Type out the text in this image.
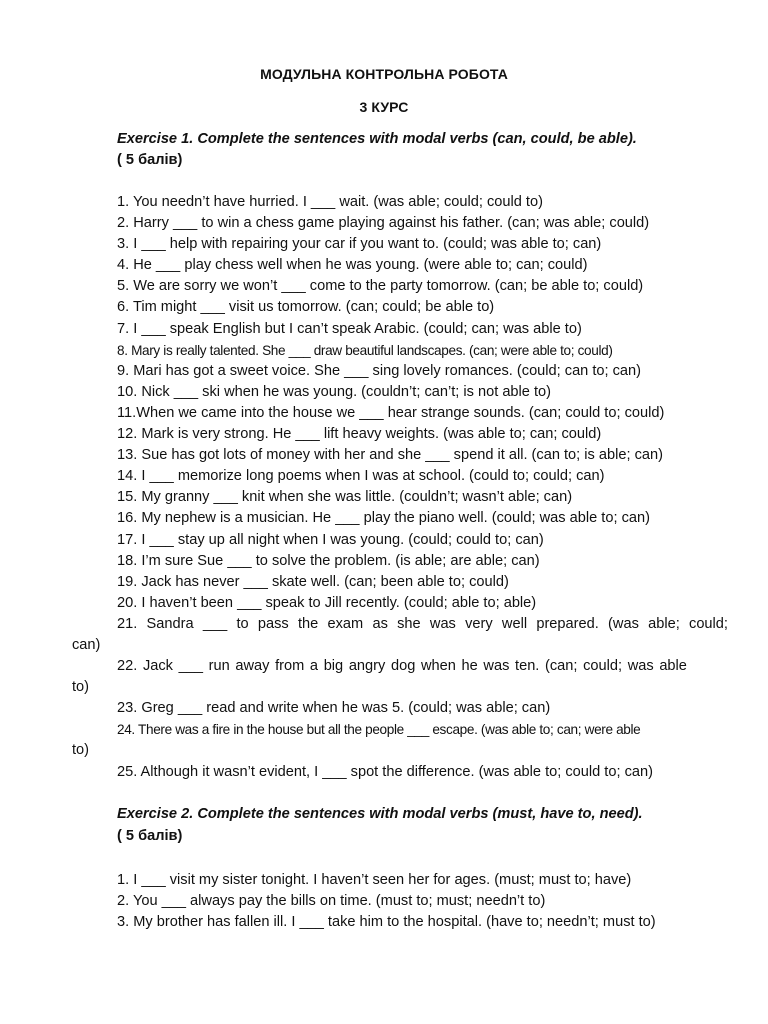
МОДУЛЬНА КОНТРОЛЬНА РОБОТА
3 КУРС
Exercise 1. Complete the sentences with modal verbs (can, could, be able).
( 5 балів)
1. You needn’t have hurried. I ___ wait. (was able; could; could to)
2. Harry ___ to win a chess game playing against his father. (can; was able; could)
3. I ___ help with repairing your car if you want to. (could; was able to; can)
4. He ___ play chess well when he was young. (were able to; can; could)
5. We are sorry we won’t ___ come to the party tomorrow. (can; be able to; could)
6. Tim might ___ visit us tomorrow. (can; could; be able to)
7. I ___ speak English but I can’t speak Arabic. (could; can; was able to)
8. Mary is really talented. She ___ draw beautiful landscapes. (can; were able to; could)
9. Mari has got a sweet voice. She ___ sing lovely romances. (could; can to; can)
10. Nick ___ ski when he was young. (couldn’t; can’t; is not able to)
11.When we came into the house we ___ hear strange sounds. (can; could to; could)
12. Mark is very strong. He ___ lift heavy weights. (was able to; can; could)
13. Sue has got lots of money with her and she ___ spend it all. (can to; is able; can)
14. I ___ memorize long poems when I was at school. (could to; could; can)
15. My granny ___ knit when she was little. (couldn’t; wasn’t able; can)
16. My nephew is a musician. He ___ play the piano well. (could; was able to; can)
17. I ___ stay up all night when I was young. (could; could to; can)
18. I’m sure Sue ___ to solve the problem. (is able; are able; can)
19. Jack has never ___ skate well. (can; been able to; could)
20. I haven’t been ___ speak to Jill recently. (could; able to; able)
21. Sandra ___ to pass the exam as she was very well prepared. (was able; could;
can)
22. Jack ___ run away from a big angry dog when he was ten. (can; could; was able
to)
23. Greg ___ read and write when he was 5. (could; was able; can)
24. There was a fire in the house but all the people ___ escape. (was able to; can; were able
to)
25. Although it wasn’t evident, I ___ spot the difference. (was able to; could to; can)
Exercise 2. Complete the sentences with modal verbs (must, have to, need).
( 5 балів)
1. I ___ visit my sister tonight. I haven’t seen her for ages. (must; must to; have)
2. You ___ always pay the bills on time. (must to; must; needn’t to)
3. My brother has fallen ill. I ___ take him to the hospital. (have to; needn’t; must to)
